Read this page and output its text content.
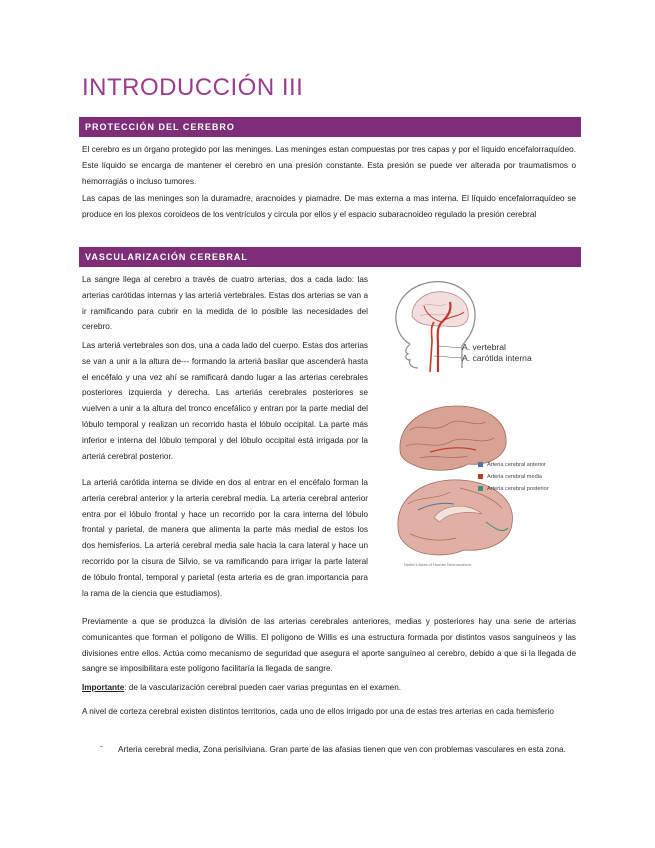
INTRODUCCIÓN III
PROTECCIÓN DEL CEREBRO
El cerebro es un órgano protegido por las meninges. Las meninges estan compuestas por tres capas y por el líquido encefalorraquídeo. Este líquido se encarga de mantener el cerebro en una presión constante. Esta presión se puede ver alterada por traumatismos o hemorragiás o incluso tumores.
Las capas de las meninges son la duramadre, aracnoides y piamadre. De mas externa a mas interna. El líquido encefalorraquídeo se produce en los plexos coroideos de los ventrículos y circula por ellos y el espacio subaracnoideo regulado la presión cerebral
VASCULARIZACIÓN CEREBRAL
La sangre llega al cerebro a través de cuatro arterias, dos a cada lado: las arterias carótidas internas y las arteriá vertebrales. Estas dos arterias se van a ir ramificando para cubrir en la medida de lo posible las necesidades del cerebro.
Las arteriá vertebrales son dos, una a cada lado del cuerpo. Estas dos arterias se van a unir a la altura de--- formando la arteriá basilar que ascenderá hasta el encéfalo y una vez ahí se ramificará dando lugar a las arterias cerebrales posteriores izquierda y derecha. Las arteriás cerebrales posteriores se vuelven a unir a la altura del tronco encefálico y entran por la parte medial del lóbulo temporal y realizan un recorrido hasta el lóbulo occipital. La parte más inferior e interna del lóbulo temporal y del lóbulo occipital está irrigada por la arteriá cerebral posterior.
La arteriá carótida interna se divide en dos al entrar en el encéfalo forman la arteria cerebral anterior y la arteria cerebral media. La arteria cerebral anterior entra por el lóbulo frontal y hace un recorrido por la cara interna del lóbulo frontal y parietal, de manera que alimenta la parte más medial de estos los dos hemisferios. La arteriá cerebral media sale hacia la cara lateral y hace un recorrido por la cisura de Silvio, se va ramificando para irrigar la parte lateral de lóbulo frontal, temporal y parietal (esta arteria es de gran importancia para la rama de la ciencia que estudiamos).
A. vertebral
A. carótida interna
Arteria cerebral anterior
Arteria cerebral media
Arteria cerebral posterior
Netter's Atlas of Human Neuroscience
Previamente a que se produzca la división de las arterias cerebrales anteriores, medias y posteriores hay una serie de arterias comunicantes que forman el polígono de Willis. El polígono de Willis es una estructura formada por distintos vasos sanguíneos y las divisiones entre ellos. Actúa como mecanismo de seguridad que asegura el aporte sanguíneo al cerebro, debido a que si la llegada de sangre se imposibilitara este polígono facilitaría la llegada de sangre.
Importante: de la vascularización cerebral pueden caer varias preguntas en el examen.
A nivel de corteza cerebral existen distintos territorios, cada uno de ellos irrigado por una de estas tres arterias en cada hemisferio
- Arteria cerebral media, Zona perisilviana. Gran parte de las afasias tienen que ven con problemas vasculares en esta zona.
